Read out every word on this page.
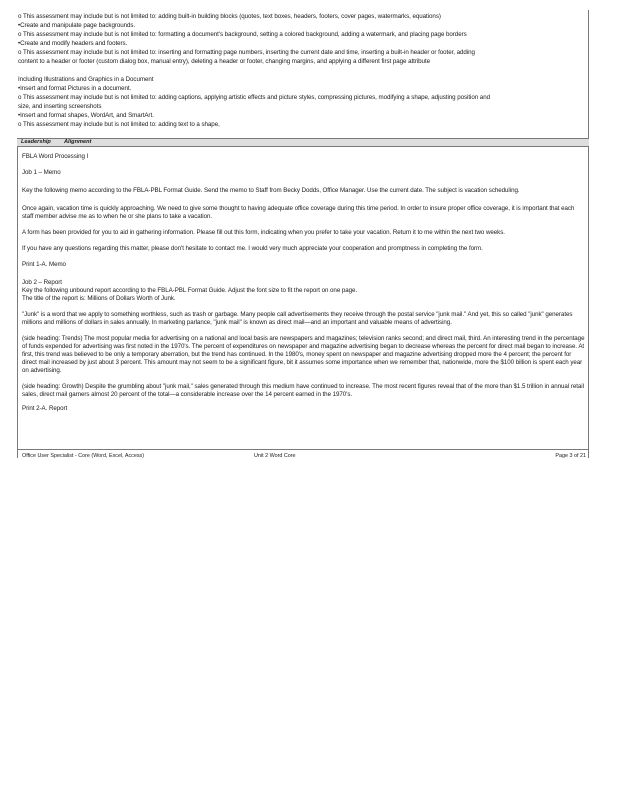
o This assessment may include but is not limited to: adding built-in building blocks (quotes, text boxes, headers, footers, cover pages, watermarks, equations)
•Create and manipulate page backgrounds.
o This assessment may include but is not limited to: formatting a document's background, setting a colored background, adding a watermark, and placing page borders
•Create and modify headers and footers.
o This assessment may include but is not limited to: inserting and formatting page numbers, inserting the current date and time, inserting a built-in header or footer, adding
content to a header or footer (custom dialog box, manual entry), deleting a header or footer, changing margins, and applying a different first page attribute
Including Illustrations and Graphics in a Document
•Insert and format Pictures in a document.
o This assessment may include but is not limited to: adding captions, applying artistic effects and picture styles, compressing pictures, modifying a shape, adjusting position and
size, and inserting screenshots
•Insert and format shapes, WordArt, and SmartArt.
o This assessment may include but is not limited to: adding text to a shape,
Leadership Alignment

FBLA Word Processing I

Job 1 – Memo

Key the following memo according to the FBLA-PBL Format Guide. Send the memo to Staff from Becky Dodds, Office Manager. Use the current date. The subject is vacation scheduling.

Once again, vacation time is quickly approaching. We need to give some thought to having adequate office coverage during this time period. In order to insure proper office coverage, it is important that each staff member advise me as to when he or she plans to take a vacation.

A form has been provided for you to aid in gathering information. Please fill out this form, indicating when you prefer to take your vacation. Return it to me within the next two weeks.

If you have any questions regarding this matter, please don't hesitate to contact me. I would very much appreciate your cooperation and promptness in completing the form.

Print 1-A. Memo

Job 2 – Report

Key the following unbound report according to the FBLA-PBL Format Guide. Adjust the font size to fit the report on one page.

The title of the report is: Millions of Dollars Worth of Junk.

"Junk" is a word that we apply to something worthless, such as trash or garbage. Many people call advertisements they receive through the postal service "junk mail." And yet, this so called "junk" generates millions and millions of dollars in sales annually. In marketing parlance, "junk mail" is known as direct mail—and an important and valuable means of advertising.

(side heading: Trends) The most popular media for advertising on a national and local basis are newspapers and magazines; television ranks second; and direct mail, third. An interesting trend in the percentage of funds expended for advertising was first noted in the 1970's. The percent of expenditures on newspaper and magazine advertising began to decrease whereas the percent for direct mail began to increase. At first, this trend was believed to be only a temporary aberration, but the trend has continued. In the 1980's, money spent on newspaper and magazine advertising dropped more the 4 percent; the percent for direct mail increased by just about 3 percent. This amount may not seem to be a significant figure, bit it assumes some importance when we remember that, nationwide, more the $100 billion is spent each year on advertising.

(side heading: Growth) Despite the grumbling about "junk mail," sales generated through this medium have continued to increase. The most recent figures reveal that of the more than $1.5 trillion in annual retail sales, direct mail garners almost 20 percent of the total—a considerable increase over the 14 percent earned in the 1970's.

Print 2-A. Report

Office User Specialist - Core (Word, Excel, Access)	Unit 2 Word Core	Page 3 of 21
